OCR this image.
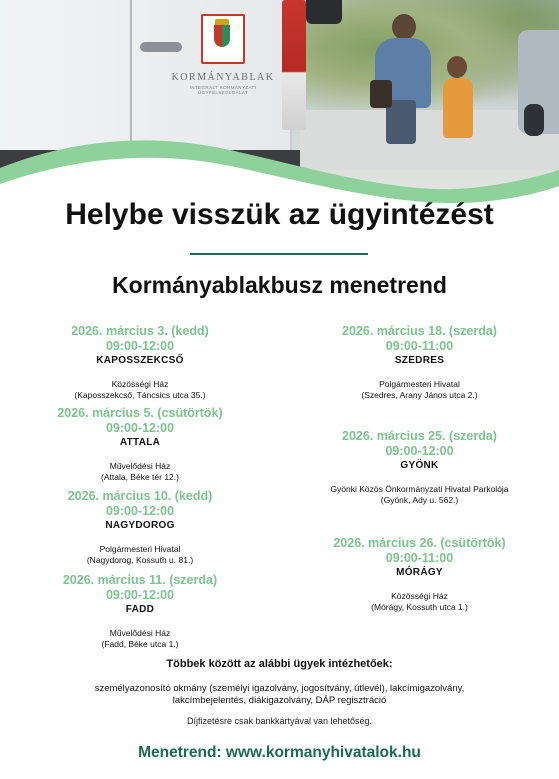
KORMÁNYABLAK
INTEGRÁLT KORMÁNYZATI ÜGYFÉLSZOLGÁLAT
Helybe visszük az ügyintézést
Kormányablakbusz menetrend
2026. március 3. (kedd)
09:00-12:00
KAPOSSZEKCSŐ
Közösségi Ház
(Kaposszekcső, Táncsics utca 35.)
2026. március 5. (csütörtök)
09:00-12:00
ATTALA
Művelődési Ház
(Attala, Béke tér 12.)
2026. március 10. (kedd)
09:00-12:00
NAGYDOROG
Polgármesteri Hivatal
(Nagydorog, Kossuth u. 81.)
2026. március 11. (szerda)
09:00-12:00
FADD
Művelődési Ház
(Fadd, Béke utca 1.)
2026. március 18. (szerda)
09:00-11:00
SZEDRES
Polgármesteri Hivatal
(Szedres, Arany János utca 2.)
2026. március 25. (szerda)
09:00-12:00
GYÖNK
Gyönki Közös Önkormányzati Hivatal Parkolója
(Gyönk, Ady u. 562.)
2026. március 26. (csütörtök)
09:00-11:00
MÓRÁGY
Közösségi Ház
(Mórágy, Kossuth utca 1.)
Többek között az alábbi ügyek intézhetőek:
személyazonosító okmány (személyi igazolvány, jogosítvány, útlevél), lakcímigazolvány,
lakcímbejelentés, diákigazolvány, DÁP regisztráció
Díjfizetésre csak bankkártyával van lehetőség.
Menetrend: www.kormanyhivatalok.hu
